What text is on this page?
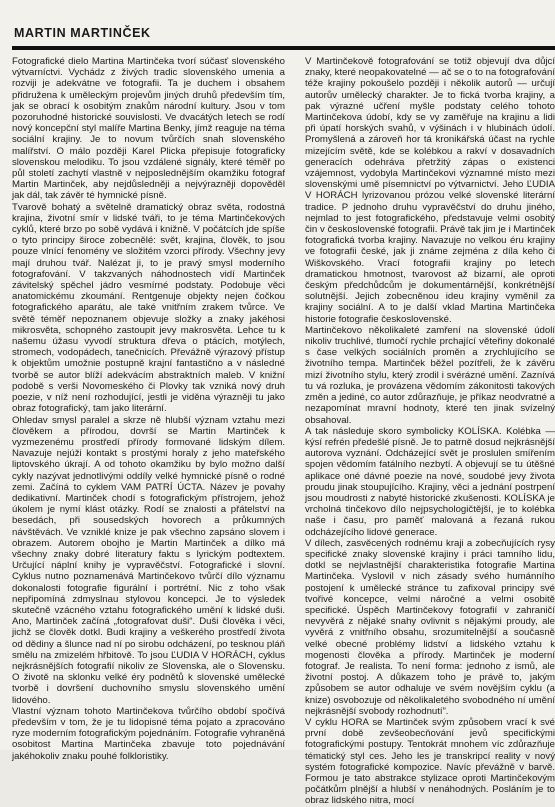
MARTIN MARTINČEK

Fotografické dielo Martina Martinčeka tvorí súčasť slovenského výtvarníctvi. Vychádz z živých tradic slovenského umenia a rozviji je adekvátne ve fotografii. Ta je duchem i obsahem přidružena k uměleckým projevům jiných druhů především tím, jak se obrací k osobitým znakům národní kultury. Jsou v tom pozoruhodné historické souvislosti. Ve dvacátých letech se rodí nový koncepční styl malíře Martina Benky, jímž reaguje na téma sociální krajiny. Je to novum tvůrčích snah slovenského malířství. O málo později Karel Plicka přepisuje fotograficky slovenskou melodiku. To jsou vzdálené signály, které téměř po půl století zachytí vlastně v nejposlednějším okamžiku fotograf Martin Martinček, aby nejdůsledněji a nejvýrazněji dopověděl jak dál, tak závěr té hymnické písně.

Tvarově bohatý a světelně dramatický obraz světa, rodostná krajina, životní smír v lidské tváři, to je téma Martinčekových cyklů, které brzo po sobě vydává i knižně. V počátcích jde spíše o tyto principy široce zobecnělé: svět, krajina, člověk, to jsou pouze vlnící fenomény ve složitém vzorci přírody. Všechny jevy mají druhou tvář. Nalézat ji, to je pravý smysl moderního fotografování. V takzvaných náhodnostech vidí Martinček závitelský spěchel jádro vesmírné podstaty. Podobuje věci anatomickému zkoumání. Rentgenuje objekty nejen čočkou fotografického aparátu, ale také vnitřním zrakem tvůrce. Ve světě téměř nepoznanem objevuje složky a znaky jakéhosi mikrosvěta, schopného zastoupit jevy makrosvěta. Lehce tu k našemu úžasu vyvodí struktura dřeva o ptácích, motýlech, stromech, vodopádech, tanečnicích. Převážně výrazový přístup k objektům umožnie postupně krajní fantastično a v následné tvorbě se autor blíží adekvácím abstraktních maleb. V knižní podobě s verši Novomeského či Plovky tak vzniká nový druh poezie, v níž není rozhodující, jestli je viděna výrazněji tu jako obraz fotografický, tam jako literární.

Ohledav smysl paralel a skrze ně hlubší význam vztahu mezi člověkem a přírodou, dovrší se Martin Martinček k vyzmezenému prostředí přírody formované lidským dílem. Navazuje nejúži kontakt s prostými horaly z jeho mateřského liptovského úkrají. A od tohoto okamžiku by bylo možno další cykly nazývat jednotlivými oddíly velké hymnické písně o rodné zemi. Začíná to cyklem VAM PATRÍ ÚCTA. Název je povahy dedikativní. Martinček chodí s fotografickým přístrojem, jehož úkolem je nymí klást otázky. Rodí se znalosti a přátelství na besedách, při sousedských hovorech a průkumných návštěvách. Ve vzniklé knize je pak všechno zapsáno slovem i obrazem. Autorem obojho je Martin Martinček a dílko má všechny znaky dobré literatury faktu s lyrickým podtextem. Určující náplní knihy je vypravěčství. Fotografické i slovní. Cyklus nutno poznamenává Martinčekovo tvůrčí dílo významu dokonalosti fotografie figurální i portrétní. Nic z toho však nepřipomíná zdmyslnau stylovou koncepci. Je to výsledek skutečně vzácného vztahu fotografického umění k lidské duši. Ano, Martinček začíná „fotografovat duši“. Duši člověka i věci, jichž se člověk dotkl. Budi krajiny a veškerého prostředí života od dědiny a šlunce nad ní po sirobu odcházení, po tesknou pláň smělu na zmizelém hřbitově. To jsou ĽUDIA V HORÁCH, cyklus nejkrásnějších fotografií nikoliv ze Slovenska, ale o Slovensku. O životě na sklonku velké éry podnětů k slovenské umělecké tvorbě i dovršení duchovního smyslu slovenského umění lidového.

Vlastní význam tohoto Martinčekova tvůrčího období spočívá především v tom, že je tu lidopisné téma pojato a zpracováno ryze moderním fotografickým pojednáním. Fotografie vyhraněná osobitost Martina Martinčeka zbavuje toto pojednávání jakéhokoliv znaku pouhé folkloristiky.

V Martinčekově fotografování se totiž objevují dva důjcí znaky, které neopakovatelné — ač se o to na fotografování téže krajiny pokoušelo později i několik autorů — určují autorův umělecký charakter. Je to fická tvorba krajiny, a pak výrazné učření myšle podstaty celého tohoto Martinčekova údobí, kdy se vy zaměřuje na krajinu a lidi při úpatí horských svahů, v výšinách i v hlubinách údolí. Promyšlená a zároveň hor tá kronikářská účast na rychle mizejícím světě, kde se kolébkou a rakví v dosavadních generacích odehráva přetržitý zápas o existenci vzájemnost, vydobyla Martinčekovi významné místo mezi slovenskými umě písemnictví po výtvarnictví. Jeho ĽUDIA V HORÁCH lyrizovanou prózou velké slovenské literární tradice. P jednoho druhu vypravěčství do druhu jiného, nejmlad to jest fotografického, představuje velmi osobitý čin v československé fotografii. Právě tak jim je i Martinček fotografická tvorba krajiny. Navazuje no velkou éru krajiny ve fotografii české, jak ji známe zejména z díla keho či Wiškovského. Vrací fotografii krajiny po letech dramatickou hmotnost, tvarovost až bizarní, ale oproti českým předchůdcům je dokumentárnější, konkrétnější solutnější. Jejich zobecněnou ideu krajiny vyměnil za krajiny sociální. A to je další vklad Martina Martinčeka historie fotografie československé.

Martinčekovo několikaleté zamření na slovenské údolí nikoliv truchlivé, tlumočí rychle prchající věteřiny dokonalé s čase velkých sociálních proměn a zrychlujícího se životního tempa. Martinček běžel pozítřeli, že k závěru mizí životního stylu, který zrodil i svérázné umění. Zaznívá tu vá rozluka, je provázena vědomím zákonitosti takových změn a jediné, co autor zdůrazňuje, je příkaz neodvratné a nezapomínat mravní hodnoty, které ten jinak svízelný obsahoval.

A tak následuje skoro symbolicky KOLÍSKA. Kolébka — kýsí refrén předešlé písně. Je to patrně dosud nejkrásnější autorova vyznání. Odcházející svět je proslulen smířením spojen vědomím fatálního nezbytí. A objevují se tu útěšné aplikace oné dávné poezie na nové, soudobé jevy života proudu jinak stoupujícího. Krajiny, věci a jednání postrpení jsou moudrosti z nabyté historické zkušenosti. KOLÍSKA je vrcholná tinčekovo dílo nejpsychologičtější, je to kolébka naše i času, pro paměť malovaná a řezaná rukou odcházejícího lidové generace.

V dílech, zasvěcených rodnému kraji a zobecňujících rysy specifické znaky slovenské krajiny i práci tamního lidu, dotkl se nejvlastnější charakteristika fotografie Martina Martinčeka. Vyslovil v nich zásady svého humánního postojení k umělecké stránce tu zafixoval principy své tvořivé koncepce, velmi náročné a velmi osobitě specifické. Úspěch Martinčekovy fotografií v zahraničí nevyvěrá z nějaké snahy ovlivnit s nějakými proudy, ale vyvěrá z vnitřního obsahu, srozumitelnější a současně velké obecné problémy lidství a lidského vztahu k mogenosti člověka a přírody. Martinček je moderní fotograf. Je realista. To není forma: jednoho z ismů, ale životní postoj. A důkazem toho je právě to, jakým způsobem se autor odhaluje ve svém novějším cyklu (a knize) osvobozuje od několikaletého svobodného ní umění nejkrásnější svobody rozhodnutí”.

V cyklu HORA se Martinček svým způsobem vrací k své první době zevšeobecňování jevů specifickými fotografickými postupy. Tentokrát mnohem víc zdůrazňuje tématický styl ces. Jeho les je transkripcí reality v nový systém fotografické kompozice. Navíc převážně v barvě. Formou je tato abstrakce stylizace oproti Martinčekovým počátkům plnější a hlubší v nenáhodných. Posláním je to obraz lidského nitra, mocí
